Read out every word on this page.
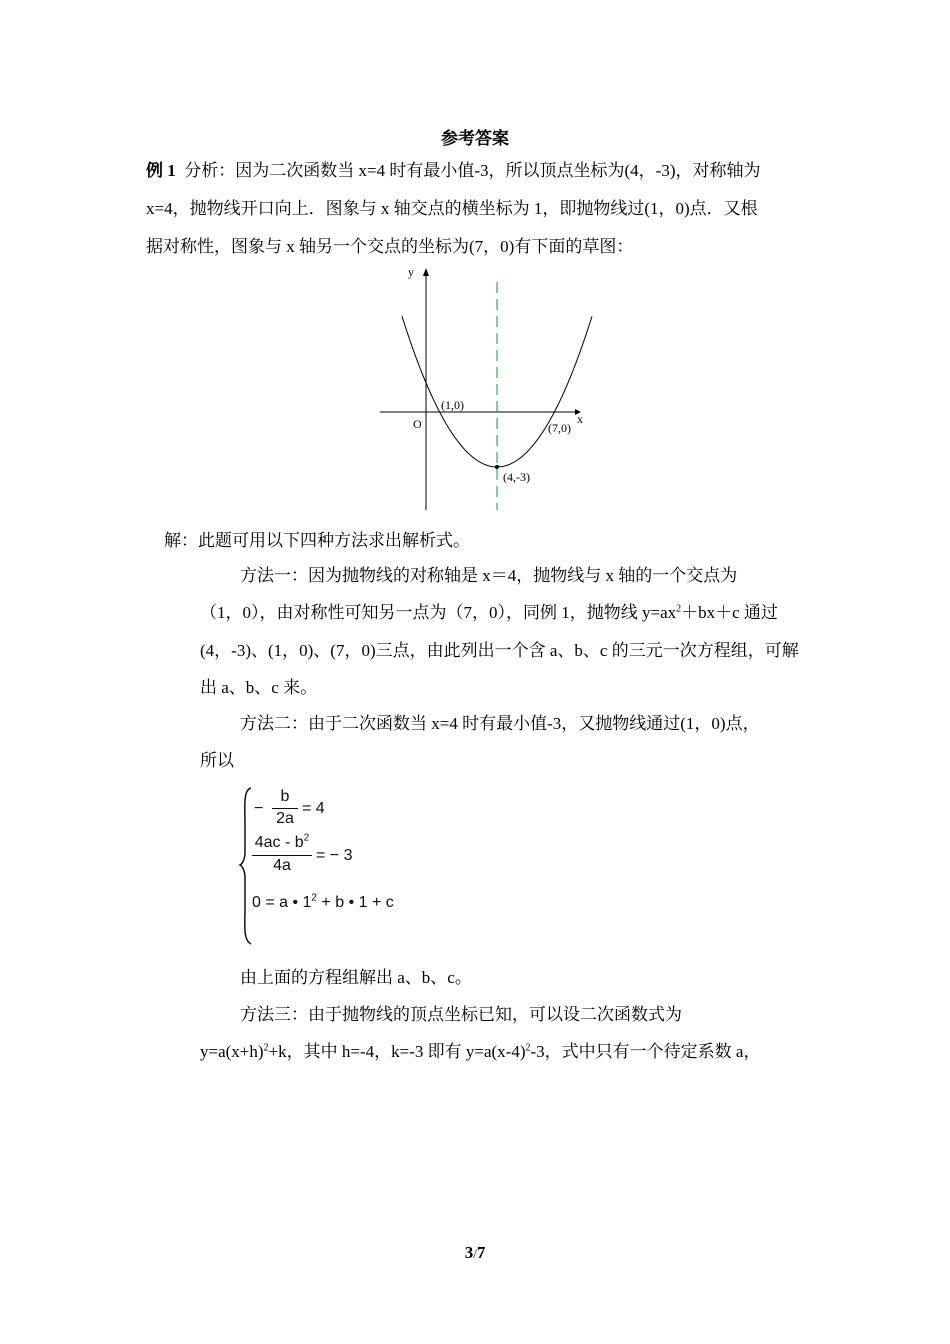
参考答案
例 1 分析：因为二次函数当 x=4 时有最小值-3，所以顶点坐标为(4，-3)，对称轴为
x=4，抛物线开口向上．图象与 x 轴交点的横坐标为 1，即抛物线过(1，0)点．又根
据对称性，图象与 x 轴另一个交点的坐标为(7，0)有下面的草图：
y
x
O
(1,0)
(7,0)
(4,-3)
解：此题可用以下四种方法求出解析式。
方法一：因为抛物线的对称轴是 x＝4，抛物线与 x 轴的一个交点为
（1，0），由对称性可知另一点为（7，0），同例 1，抛物线 $y=ax^2+bx+c$ 通过
(4，-3)、(1，0)、(7，0)三点，由此列出一个含 a、b、c 的三元一次方程组，可解
出 a、b、c 来。
方法二：由于二次函数当 x=4 时有最小值-3，又抛物线通过(1，0)点，
所以
−
b
2a
= 4
$4ac - b^2$
4a
= − 3
0 = a • $1^2 + b$ • 1 + c
由上面的方程组解出 a、b、c。
方法三：由于抛物线的顶点坐标已知，可以设二次函数式为
$y=a(x+h)^2+k$，其中 h=-4，k=-3 即有 $y=a(x-4)^2-3$，式中只有一个待定系数 a，
3/7
